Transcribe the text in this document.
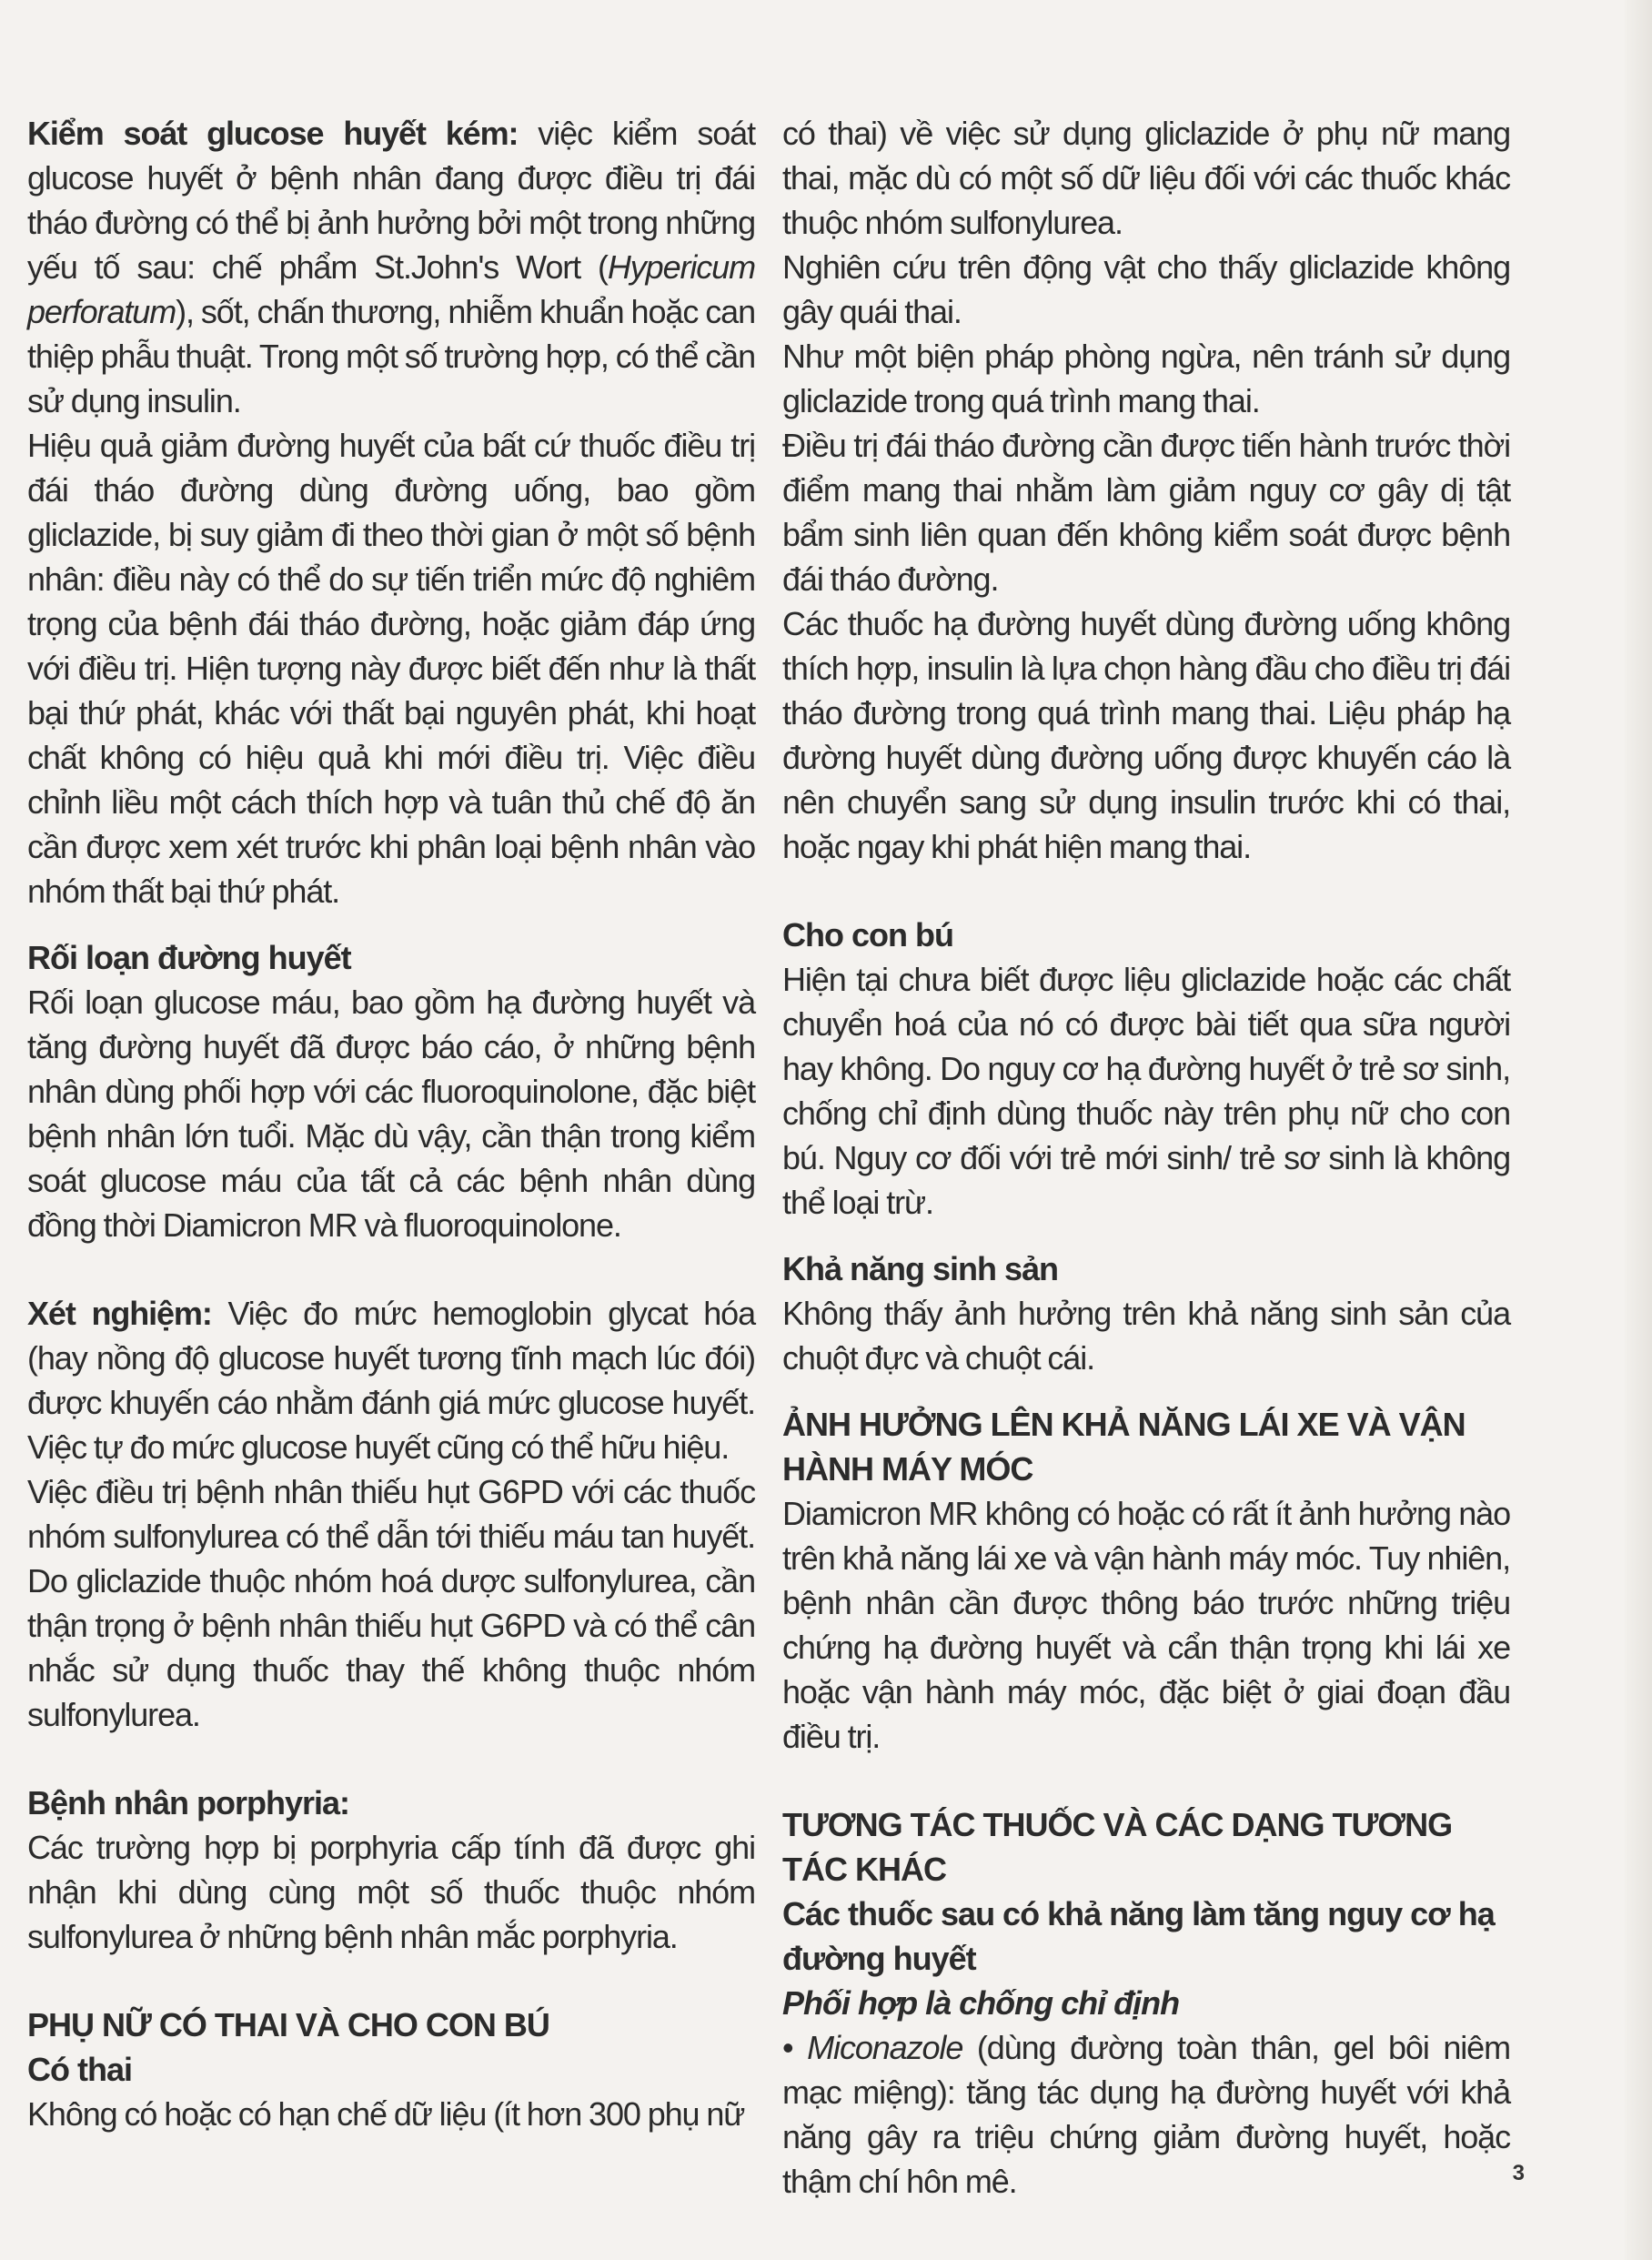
Kiểm soát glucose huyết kém: việc kiểm soát glucose huyết ở bệnh nhân đang được điều trị đái tháo đường có thể bị ảnh hưởng bởi một trong những yếu tố sau: chế phẩm St.John's Wort (Hypericum perforatum), sốt, chấn thương, nhiễm khuẩn hoặc can thiệp phẫu thuật. Trong một số trường hợp, có thể cần sử dụng insulin.

Hiệu quả giảm đường huyết của bất cứ thuốc điều trị đái tháo đường dùng đường uống, bao gồm gliclazide, bị suy giảm đi theo thời gian ở một số bệnh nhân: điều này có thể do sự tiến triển mức độ nghiêm trọng của bệnh đái tháo đường, hoặc giảm đáp ứng với điều trị. Hiện tượng này được biết đến như là thất bại thứ phát, khác với thất bại nguyên phát, khi hoạt chất không có hiệu quả khi mới điều trị. Việc điều chỉnh liều một cách thích hợp và tuân thủ chế độ ăn cần được xem xét trước khi phân loại bệnh nhân vào nhóm thất bại thứ phát.

Rối loạn đường huyết

Rối loạn glucose máu, bao gồm hạ đường huyết và tăng đường huyết đã được báo cáo, ở những bệnh nhân dùng phối hợp với các fluoroquinolone, đặc biệt bệnh nhân lớn tuổi. Mặc dù vậy, cần thận trong kiểm soát glucose máu của tất cả các bệnh nhân dùng đồng thời Diamicron MR và fluoroquinolone.

Xét nghiệm: Việc đo mức hemoglobin glycat hóa (hay nồng độ glucose huyết tương tĩnh mạch lúc đói) được khuyến cáo nhằm đánh giá mức glucose huyết. Việc tự đo mức glucose huyết cũng có thể hữu hiệu.

Việc điều trị bệnh nhân thiếu hụt G6PD với các thuốc nhóm sulfonylurea có thể dẫn tới thiếu máu tan huyết. Do gliclazide thuộc nhóm hoá dược sulfonylurea, cần thận trọng ở bệnh nhân thiếu hụt G6PD và có thể cân nhắc sử dụng thuốc thay thế không thuộc nhóm sulfonylurea.

Bệnh nhân porphyria:

Các trường hợp bị porphyria cấp tính đã được ghi nhận khi dùng cùng một số thuốc thuộc nhóm sulfonylurea ở những bệnh nhân mắc porphyria.

PHỤ NỮ CÓ THAI VÀ CHO CON BÚ

Có thai

Không có hoặc có hạn chế dữ liệu (ít hơn 300 phụ nữ

có thai) về việc sử dụng gliclazide ở phụ nữ mang thai, mặc dù có một số dữ liệu đối với các thuốc khác thuộc nhóm sulfonylurea.

Nghiên cứu trên động vật cho thấy gliclazide không gây quái thai.

Như một biện pháp phòng ngừa, nên tránh sử dụng gliclazide trong quá trình mang thai.

Điều trị đái tháo đường cần được tiến hành trước thời điểm mang thai nhằm làm giảm nguy cơ gây dị tật bẩm sinh liên quan đến không kiểm soát được bệnh đái tháo đường.

Các thuốc hạ đường huyết dùng đường uống không thích hợp, insulin là lựa chọn hàng đầu cho điều trị đái tháo đường trong quá trình mang thai. Liệu pháp hạ đường huyết dùng đường uống được khuyến cáo là nên chuyển sang sử dụng insulin trước khi có thai, hoặc ngay khi phát hiện mang thai.

Cho con bú

Hiện tại chưa biết được liệu gliclazide hoặc các chất chuyển hoá của nó có được bài tiết qua sữa người hay không. Do nguy cơ hạ đường huyết ở trẻ sơ sinh, chống chỉ định dùng thuốc này trên phụ nữ cho con bú. Nguy cơ đối với trẻ mới sinh/ trẻ sơ sinh là không thể loại trừ.

Khả năng sinh sản

Không thấy ảnh hưởng trên khả năng sinh sản của chuột đực và chuột cái.

ẢNH HƯỞNG LÊN KHẢ NĂNG LÁI XE VÀ VẬN HÀNH MÁY MÓC

Diamicron MR không có hoặc có rất ít ảnh hưởng nào trên khả năng lái xe và vận hành máy móc. Tuy nhiên, bệnh nhân cần được thông báo trước những triệu chứng hạ đường huyết và cẩn thận trọng khi lái xe hoặc vận hành máy móc, đặc biệt ở giai đoạn đầu điều trị.

TƯƠNG TÁC THUỐC VÀ CÁC DẠNG TƯƠNG TÁC KHÁC

Các thuốc sau có khả năng làm tăng nguy cơ hạ đường huyết

Phối hợp là chống chỉ định

• Miconazole (dùng đường toàn thân, gel bôi niêm mạc miệng): tăng tác dụng hạ đường huyết với khả năng gây ra triệu chứng giảm đường huyết, hoặc thậm chí hôn mê.	3
